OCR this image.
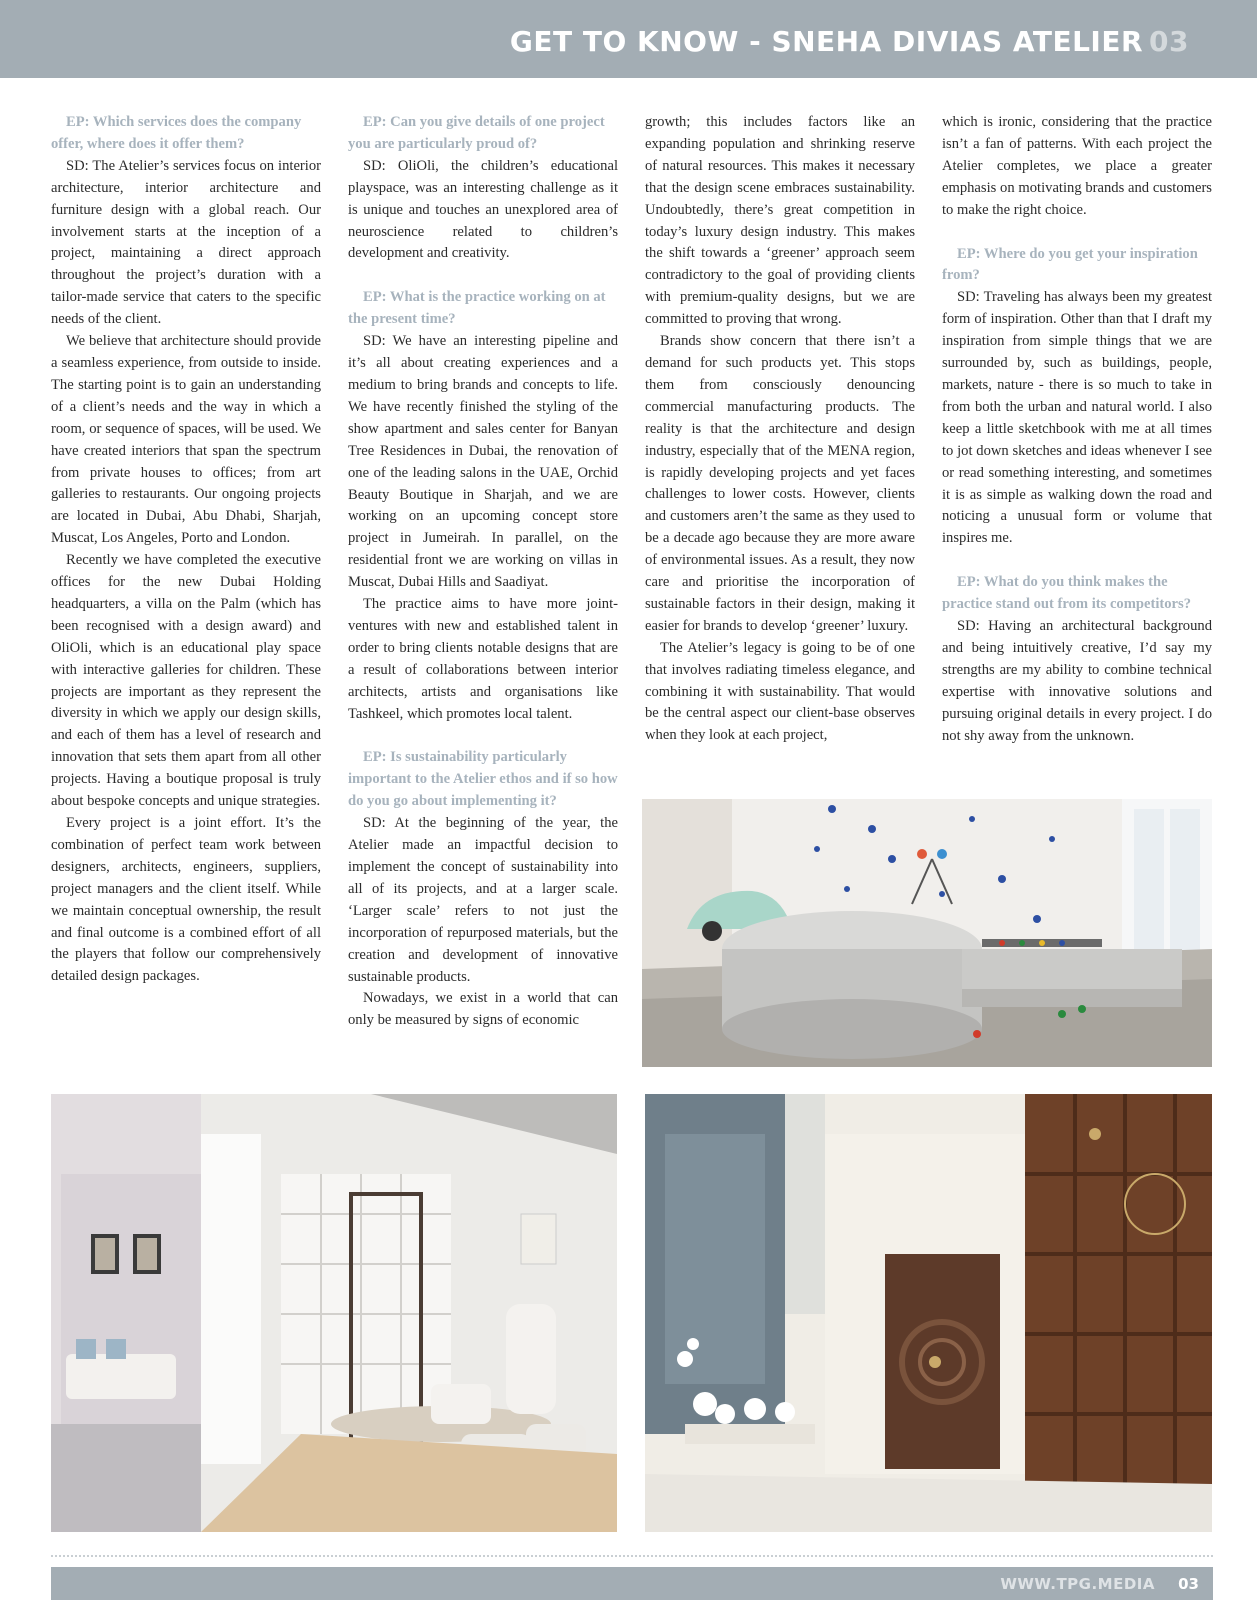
GET TO KNOW - SNEHA DIVIAS ATELIER 03

EP: Which services does the company offer, where does it offer them?

SD: The Atelier’s services focus on interior architecture, interior architecture and furniture design with a global reach. Our involvement starts at the inception of a project, maintaining a direct approach throughout the project’s duration with a tailor-made service that caters to the specific needs of the client.

We believe that architecture should provide a seamless experience, from outside to inside. The starting point is to gain an understanding of a client’s needs and the way in which a room, or sequence of spaces, will be used. We have created interiors that span the spectrum from private houses to offices; from art galleries to restaurants. Our ongoing projects are located in Dubai, Abu Dhabi, Sharjah, Muscat, Los Angeles, Porto and London.

Recently we have completed the executive offices for the new Dubai Holding headquarters, a villa on the Palm (which has been recognised with a design award) and OliOli, which is an educational play space with interactive galleries for children. These projects are important as they represent the diversity in which we apply our design skills, and each of them has a level of research and innovation that sets them apart from all other projects. Having a boutique proposal is truly about bespoke concepts and unique strategies.

Every project is a joint effort. It’s the combination of perfect team work between designers, architects, engineers, suppliers, project managers and the client itself. While we maintain conceptual ownership, the result and final outcome is a combined effort of all the players that follow our comprehensively detailed design packages.

EP: Can you give details of one project you are particularly proud of?

SD: OliOli, the children’s educational playspace, was an interesting challenge as it is unique and touches an unexplored area of neuroscience related to children’s development and creativity.

EP: What is the practice working on at the present time?

SD: We have an interesting pipeline and it’s all about creating experiences and a medium to bring brands and concepts to life. We have recently finished the styling of the show apartment and sales center for Banyan Tree Residences in Dubai, the renovation of one of the leading salons in the UAE, Orchid Beauty Boutique in Sharjah, and we are working on an upcoming concept store project in Jumeirah. In parallel, on the residential front we are working on villas in Muscat, Dubai Hills and Saadiyat.

The practice aims to have more joint-ventures with new and established talent in order to bring clients notable designs that are a result of collaborations between interior architects, artists and organisations like Tashkeel, which promotes local talent.

EP: Is sustainability particularly important to the Atelier ethos and if so how do you go about implementing it?

SD: At the beginning of the year, the Atelier made an impactful decision to implement the concept of sustainability into all of its projects, and at a larger scale. ‘Larger scale’ refers to not just the incorporation of repurposed materials, but the creation and development of innovative sustainable products.

Nowadays, we exist in a world that can only be measured by signs of economic

growth; this includes factors like an expanding population and shrinking reserve of natural resources. This makes it necessary that the design scene embraces sustainability. Undoubtedly, there’s great competition in today’s luxury design industry. This makes the shift towards a ‘greener’ approach seem contradictory to the goal of providing clients with premium-quality designs, but we are committed to proving that wrong.

Brands show concern that there isn’t a demand for such products yet. This stops them from consciously denouncing commercial manufacturing products. The reality is that the architecture and design industry, especially that of the MENA region, is rapidly developing projects and yet faces challenges to lower costs. However, clients and customers aren’t the same as they used to be a decade ago because they are more aware of environmental issues. As a result, they now care and prioritise the incorporation of sustainable factors in their design, making it easier for brands to develop ‘greener’ luxury.

The Atelier’s legacy is going to be of one that involves radiating timeless elegance, and combining it with sustainability. That would be the central aspect our client-base observes when they look at each project,

which is ironic, considering that the practice isn’t a fan of patterns. With each project the Atelier completes, we place a greater emphasis on motivating brands and customers to make the right choice.

EP: Where do you get your inspiration from?

SD: Traveling has always been my greatest form of inspiration. Other than that I draft my inspiration from simple things that we are surrounded by, such as buildings, people, markets, nature - there is so much to take in from both the urban and natural world. I also keep a little sketchbook with me at all times to jot down sketches and ideas whenever I see or read something interesting, and sometimes it is as simple as walking down the road and noticing a unusual form or volume that inspires me.

EP: What do you think makes the practice stand out from its competitors?

SD: Having an architectural background and being intuitively creative, I’d say my strengths are my ability to combine technical expertise with innovative solutions and pursuing original details in every project. I do not shy away from the unknown.

WWW.TPG.MEDIA 03
